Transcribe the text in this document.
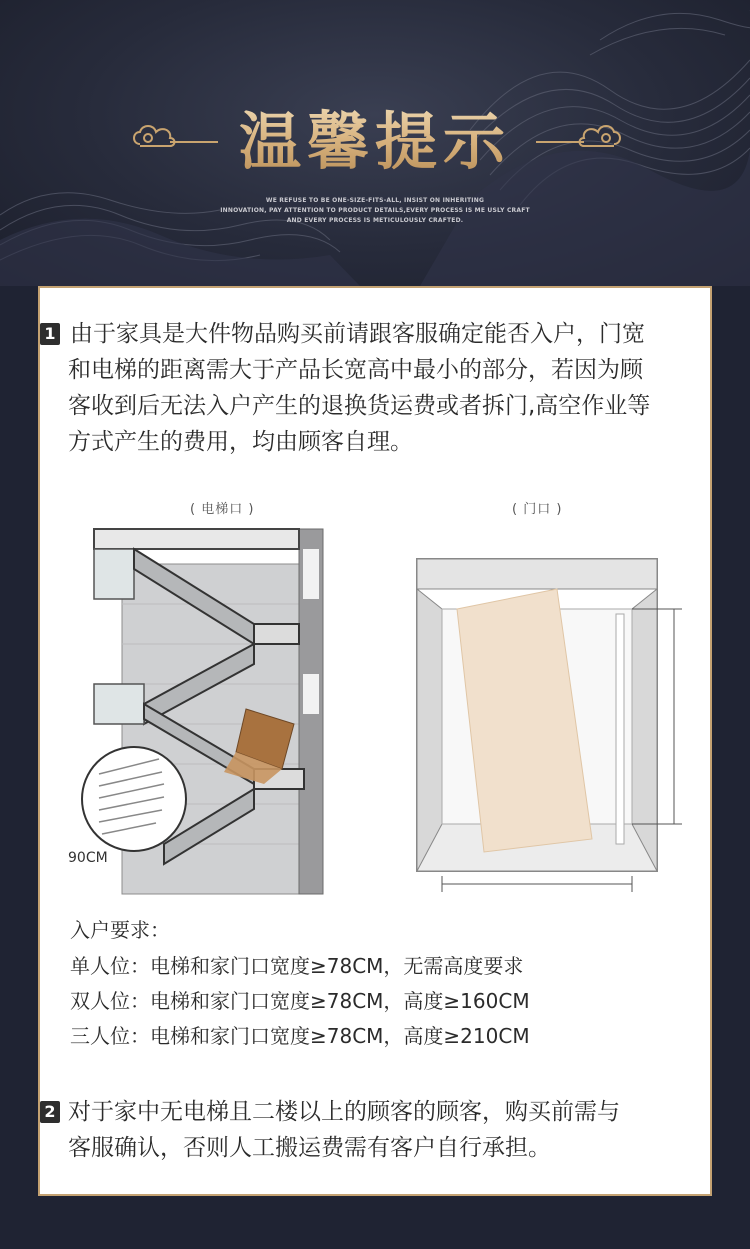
温馨提示
WE REFUSE TO BE ONE-SIZE-FITS-ALL, INSIST ON INHERITING
INNOVATION, PAY ATTENTION TO PRODUCT DETAILS,EVERY PROCESS IS ME USLY CRAFT
AND EVERY PROCESS IS METICULOUSLY CRAFTED.
1 由于家具是大件物品购买前请跟客服确定能否入户，门宽
和电梯的距离需大于产品长宽高中最小的部分，若因为顾
客收到后无法入户产生的退换货运费或者拆门,高空作业等
方式产生的费用，均由顾客自理。
( 电梯口 )	( 门口 )
90CM
入户要求：
单人位：电梯和家门口宽度≥78CM，无需高度要求
双人位：电梯和家门口宽度≥78CM，高度≥160CM
三人位：电梯和家门口宽度≥78CM，高度≥210CM
2 对于家中无电梯且二楼以上的顾客的顾客，购买前需与
客服确认，否则人工搬运费需有客户自行承担。
